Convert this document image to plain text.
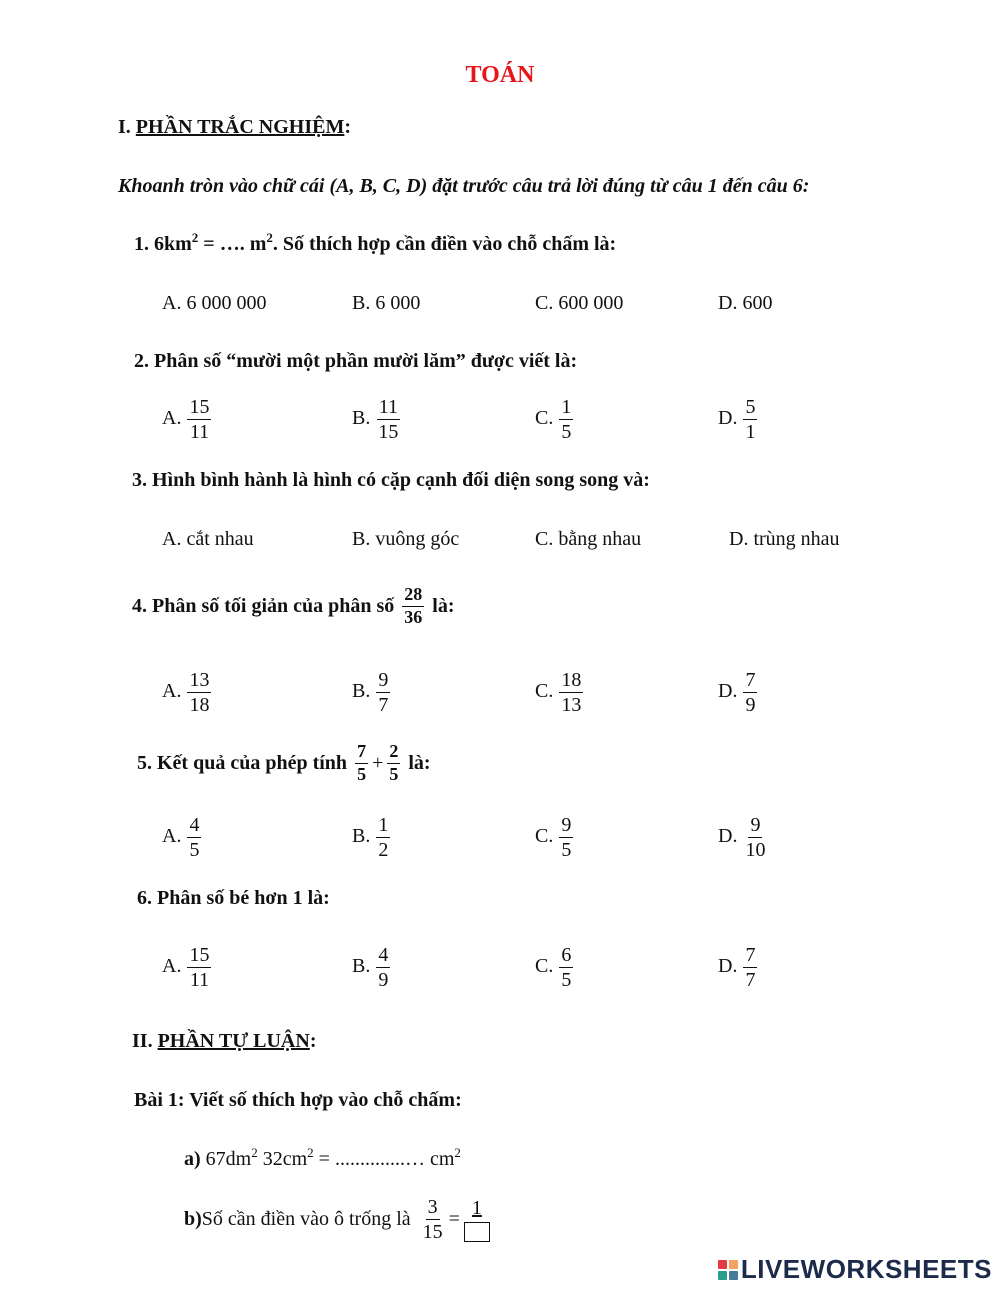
TOÁN
I. PHẦN TRẮC NGHIỆM:
Khoanh tròn vào chữ cái (A, B, C, D) đặt trước câu trả lời đúng từ câu 1 đến câu 6:
1. $6km^2$ = …. $m^2$. Số thích hợp cần điền vào chỗ chấm là:
A. 6 000 000	B. 6 000	C. 600 000	D. 600
2. Phân số “mười một phần mười lăm” được viết là:
A. $\frac{15}{11}$	B. $\frac{11}{15}$	C. $\frac{1}{5}$	D. $\frac{5}{1}$
3. Hình bình hành là hình có cặp cạnh đối diện song song và:
A. cắt nhau	B. vuông góc	C. bằng nhau	D. trùng nhau
4. Phân số tối giản của phân số $\frac{28}{36}$ là:
A. $\frac{13}{18}$	B. $\frac{9}{7}$	C. $\frac{18}{13}$	D. $\frac{7}{9}$
5. Kết quả của phép tính $\frac{7}{5} + \frac{2}{5}$ là:
A. $\frac{4}{5}$	B. $\frac{1}{2}$	C. $\frac{9}{5}$	D. $\frac{9}{10}$
6. Phân số bé hơn 1 là:
A. $\frac{15}{11}$	B. $\frac{4}{9}$	C. $\frac{6}{5}$	D. $\frac{7}{7}$
II. PHẦN TỰ LUẬN:
Bài 1: Viết số thích hợp vào chỗ chấm:
a) $67dm^2$ $32cm^2$ = ..............… $cm^2$
b) Số cần điền vào ô trống là $\frac{3}{15} = 1$
LIVEWORKSHEETS
